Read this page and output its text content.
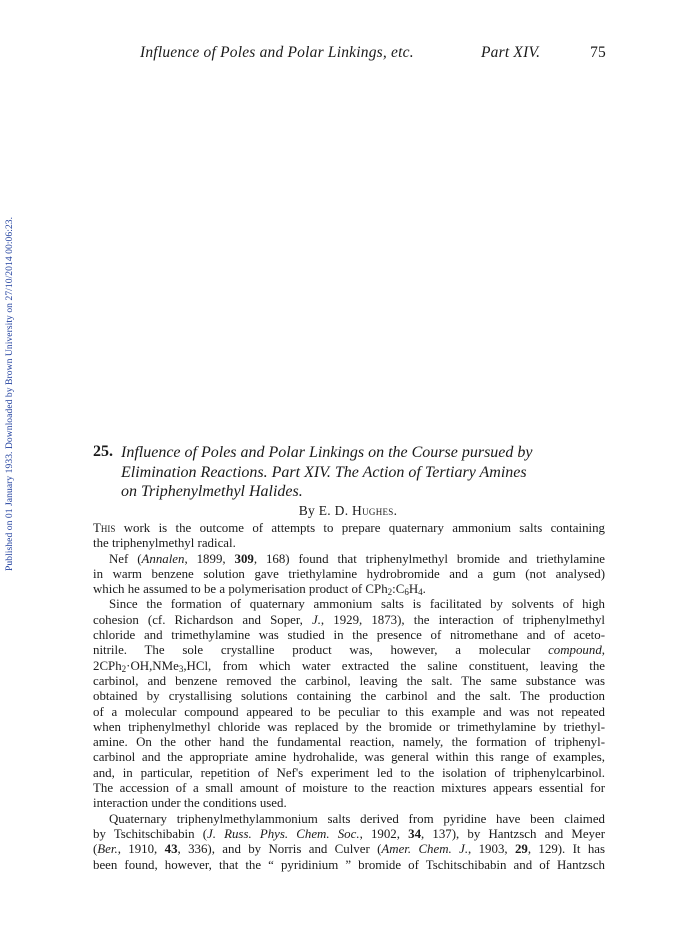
Influence of Poles and Polar Linkings, etc.	Part XIV.	75
Published on 01 January 1933. Downloaded by Brown University on 27/10/2014 00:06:23.	25. Influence of Poles and Polar Linkings on the Course pursued by
Elimination Reactions. Part XIV. The Action of Tertiary Amines
on Triphenylmethyl Halides.
By E. D. Hughes.

This work is the outcome of attempts to prepare quaternary ammonium salts containing
the triphenylmethyl radical.

Nef (Annalen, 1899, 309, 168) found that triphenylmethyl bromide and triethylamine
in warm benzene solution gave triethylamine hydrobromide and a gum (not analysed)
which he assumed to be a polymerisation product of $CPh_2:C_6H_4$.

Since the formation of quaternary ammonium salts is facilitated by solvents of high
cohesion (cf. Richardson and Soper, J., 1929, 1873), the interaction of triphenylmethyl
chloride and trimethylamine was studied in the presence of nitromethane and of aceto-
nitrile. The sole crystalline product was, however, a molecular compound,
2CPh$_2$·OH,NMe$_3$,HCl, from which water extracted the saline constituent, leaving the
carbinol, and benzene removed the carbinol, leaving the salt. The same substance was
obtained by crystallising solutions containing the carbinol and the salt. The production
of a molecular compound appeared to be peculiar to this example and was not repeated
when triphenylmethyl chloride was replaced by the bromide or trimethylamine by triethyl-
amine. On the other hand the fundamental reaction, namely, the formation of triphenyl-
carbinol and the appropriate amine hydrohalide, was general within this range of examples,
and, in particular, repetition of Nef's experiment led to the isolation of triphenylcarbinol.
The accession of a small amount of moisture to the reaction mixtures appears essential for
interaction under the conditions used.

Quaternary triphenylmethylammonium salts derived from pyridine have been claimed
by Tschitschibabin (J. Russ. Phys. Chem. Soc., 1902, 34, 137), by Hantzsch and Meyer
(Ber., 1910, 43, 336), and by Norris and Culver (Amer. Chem. J., 1903, 29, 129). It has
been found, however, that the “ pyridinium ” bromide of Tschitschibabin and of Hantzsch
